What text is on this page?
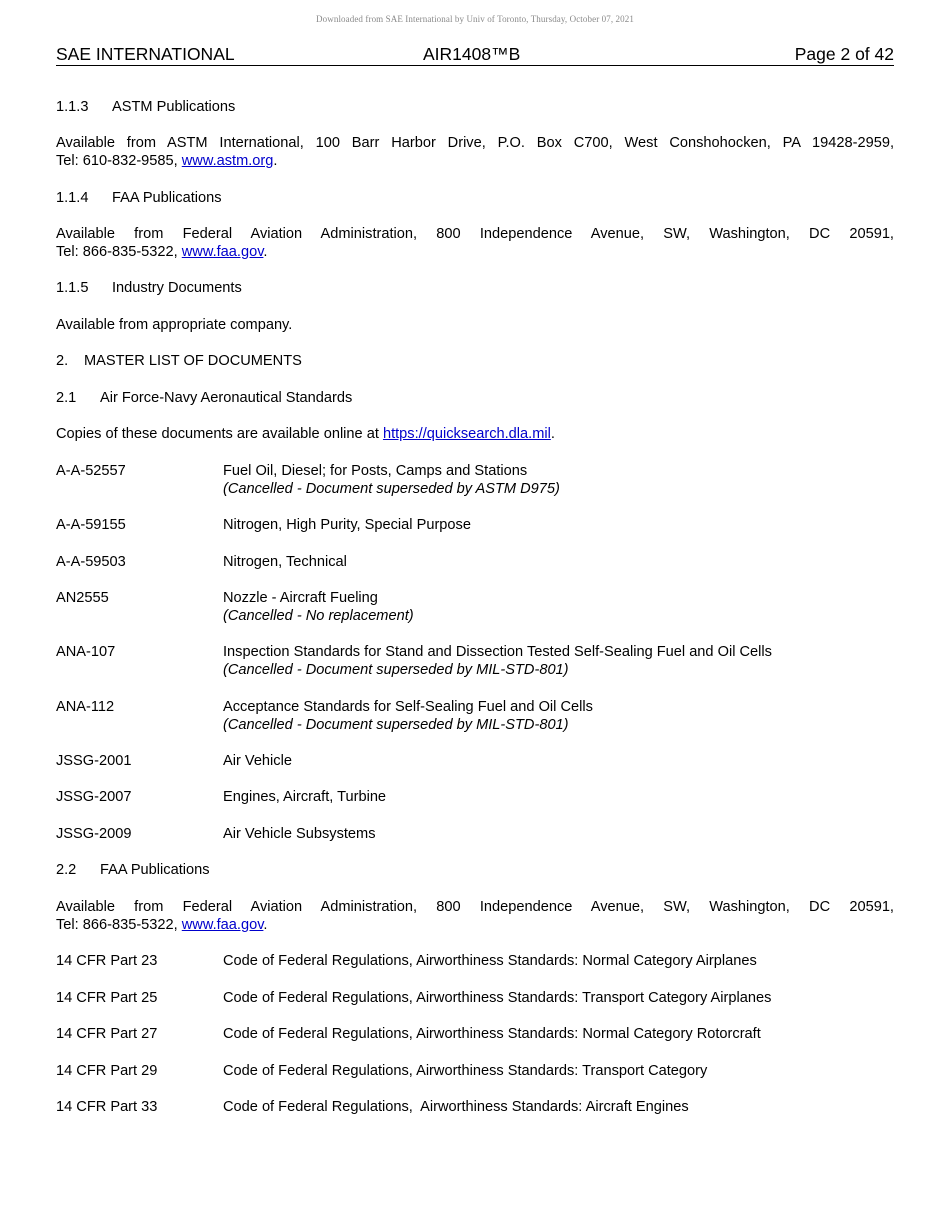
Downloaded from SAE International by Univ of Toronto, Thursday, October 07, 2021
SAE INTERNATIONAL	AIR1408™B	Page 2 of 42
1.1.3 ASTM Publications
Available from ASTM International, 100 Barr Harbor Drive, P.O. Box C700, West Conshohocken, PA 19428-2959,
Tel: 610-832-9585, www.astm.org.
1.1.4 FAA Publications
Available from Federal Aviation Administration, 800 Independence Avenue, SW, Washington, DC 20591,
Tel: 866-835-5322, www.faa.gov.
1.1.5 Industry Documents
Available from appropriate company.
2. MASTER LIST OF DOCUMENTS
2.1 Air Force-Navy Aeronautical Standards
Copies of these documents are available online at https://quicksearch.dla.mil.
A-A-52557	Fuel Oil, Diesel; for Posts, Camps and Stations
(Cancelled - Document superseded by ASTM D975)
A-A-59155	Nitrogen, High Purity, Special Purpose
A-A-59503	Nitrogen, Technical
AN2555	Nozzle - Aircraft Fueling
(Cancelled - No replacement)
ANA-107	Inspection Standards for Stand and Dissection Tested Self-Sealing Fuel and Oil Cells
(Cancelled - Document superseded by MIL-STD-801)
ANA-112	Acceptance Standards for Self-Sealing Fuel and Oil Cells
(Cancelled - Document superseded by MIL-STD-801)
JSSG-2001	Air Vehicle
JSSG-2007	Engines, Aircraft, Turbine
JSSG-2009	Air Vehicle Subsystems
2.2 FAA Publications
Available from Federal Aviation Administration, 800 Independence Avenue, SW, Washington, DC 20591,
Tel: 866-835-5322, www.faa.gov.
14 CFR Part 23	Code of Federal Regulations, Airworthiness Standards: Normal Category Airplanes
14 CFR Part 25	Code of Federal Regulations, Airworthiness Standards: Transport Category Airplanes
14 CFR Part 27	Code of Federal Regulations, Airworthiness Standards: Normal Category Rotorcraft
14 CFR Part 29	Code of Federal Regulations, Airworthiness Standards: Transport Category
14 CFR Part 33	Code of Federal Regulations,  Airworthiness Standards: Aircraft Engines
